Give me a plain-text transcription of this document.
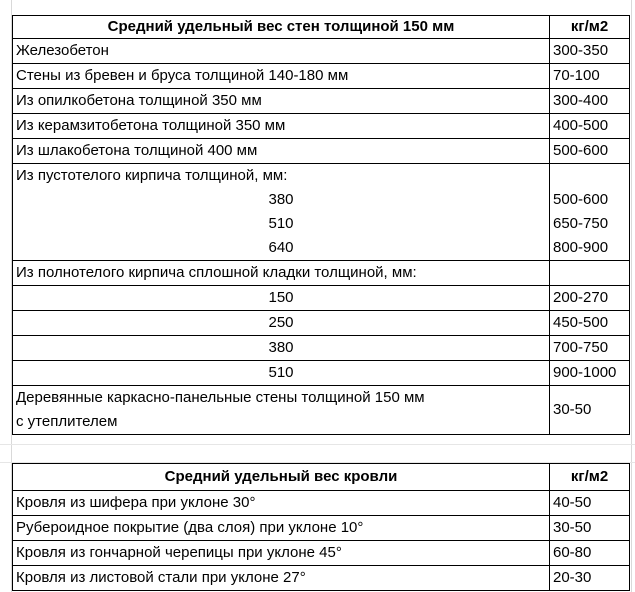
Средний удельный вес стен толщиной 150 мм	кг/м2
Железобетон	300-350
Стены из бревен и бруса толщиной 140-180 мм	70-100
Из опилкобетона толщиной 350 мм	300-400
Из керамзитобетона толщиной 350 мм	400-500
Из шлакобетона толщиной 400 мм	500-600
Из пустотелого кирпича толщиной, мм:	
380	500-600
510	650-750
640	800-900
Из полнотелого кирпича сплошной кладки толщиной, мм:	
150	200-270
250	450-500
380	700-750
510	900-1000

Деревянные каркасно-панельные стены толщиной 150 мм
с утеплителем	30-50
Средний удельный вес кровли	кг/м2
Кровля из шифера при уклоне 30°	40-50
Рубероидное покрытие (два слоя) при уклоне 10°	30-50
Кровля из гончарной черепицы при уклоне 45°	60-80
Кровля из листовой стали при уклоне 27°	20-30
